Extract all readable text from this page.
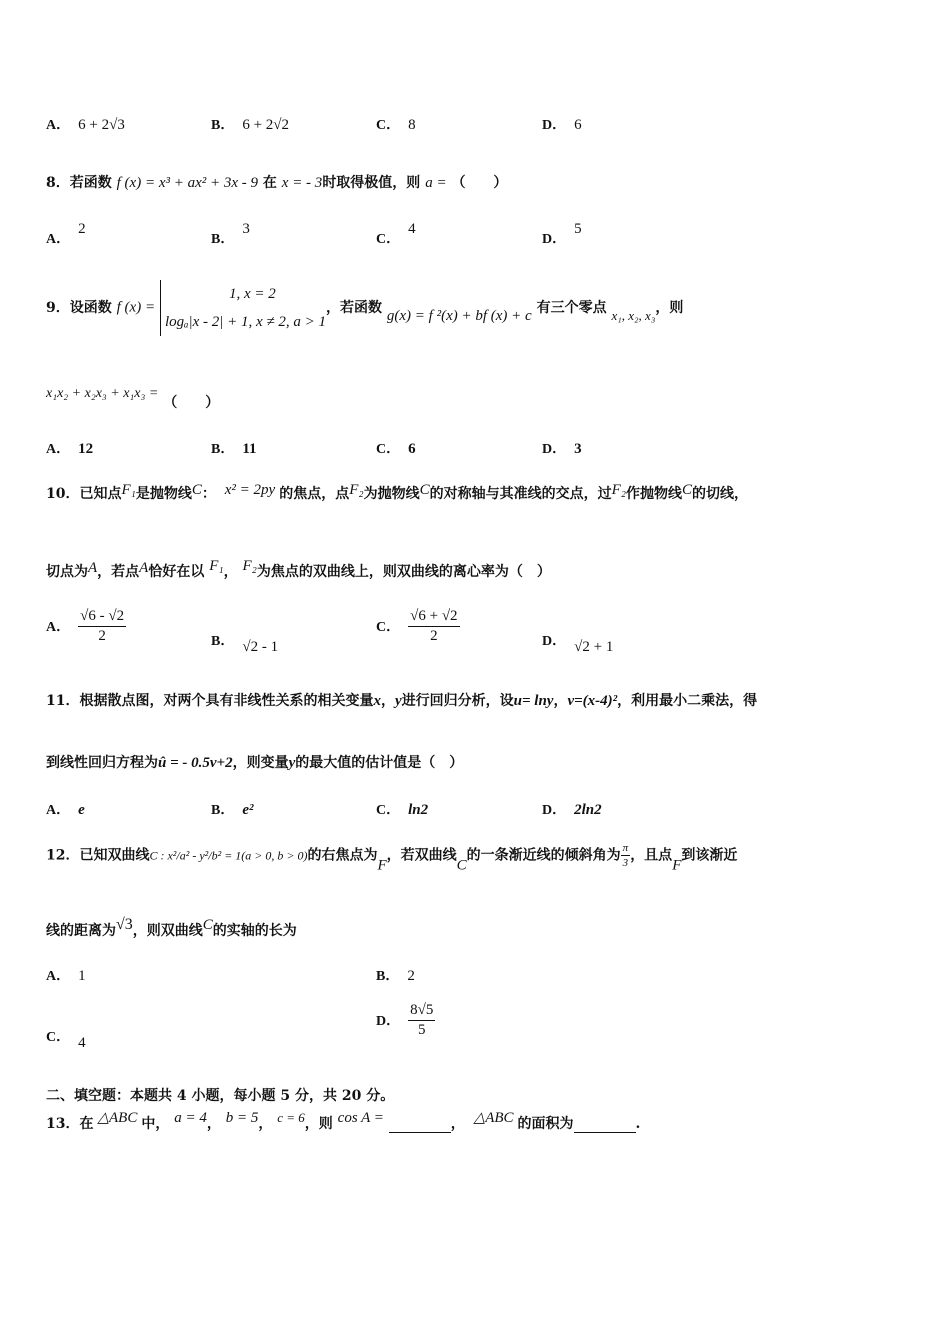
A． 6 + 2√3	B． 6 + 2√2	C． 8	D． 6
8．若函数 f (x) = x³ + ax² + 3x - 9 在 x = - 3时取得极值，则 a = （　　）
A．2
B．3
C．4
D．5
9．设函数 f (x) =
1, x = 2
logₐ|x - 2| + 1, x ≠ 2, a > 1
，若函数 g(x) = f ²(x) + bf (x) + c 有三个零点 x₁, x₂, x₃，则
x₁x₂ + x₂x₃ + x₁x₃ = （　　）
A． 12	B． 11	C． 6	D． 3
10．已知点F₁是抛物线C： x² = 2py 的焦点，点F₂为抛物线C的对称轴与其准线的交点，过F₂作抛物线C的切线，
切点为A，若点A恰好在以 F₁， F₂为焦点的双曲线上，则双曲线的离心率为（　）
A． $\frac{√6 - √2}{2}$	B． √2 - 1
C． $\frac{√6 + √2}{2}$	D． √2 + 1
11．根据散点图，对两个具有非线性关系的相关变量x，y进行回归分析，设u= lny，v=(x-4)²，利用最小二乘法，得
到线性回归方程为û = - 0.5v+2，则变量y的最大值的估计值是（　）
A． e	B． e²	C． ln2	D． 2ln2
12．已知双曲线C : x²/a² - y²/b² = 1(a > 0, b > 0)的右焦点为F，若双曲线C的一条渐近线的倾斜角为 $\frac{\pi}{3}$ ，且点F到该渐近
线的距离为√3，则双曲线C的实轴的长为
A． 1	B． 2
C． 4
D． $\frac{8√5}{5}$
二、填空题：本题共 4 小题，每小题 5 分，共 20 分。
13．在 △ABC 中， a = 4， b = 5， c = 6，则 cos A =	， △ABC 的面积为	.
